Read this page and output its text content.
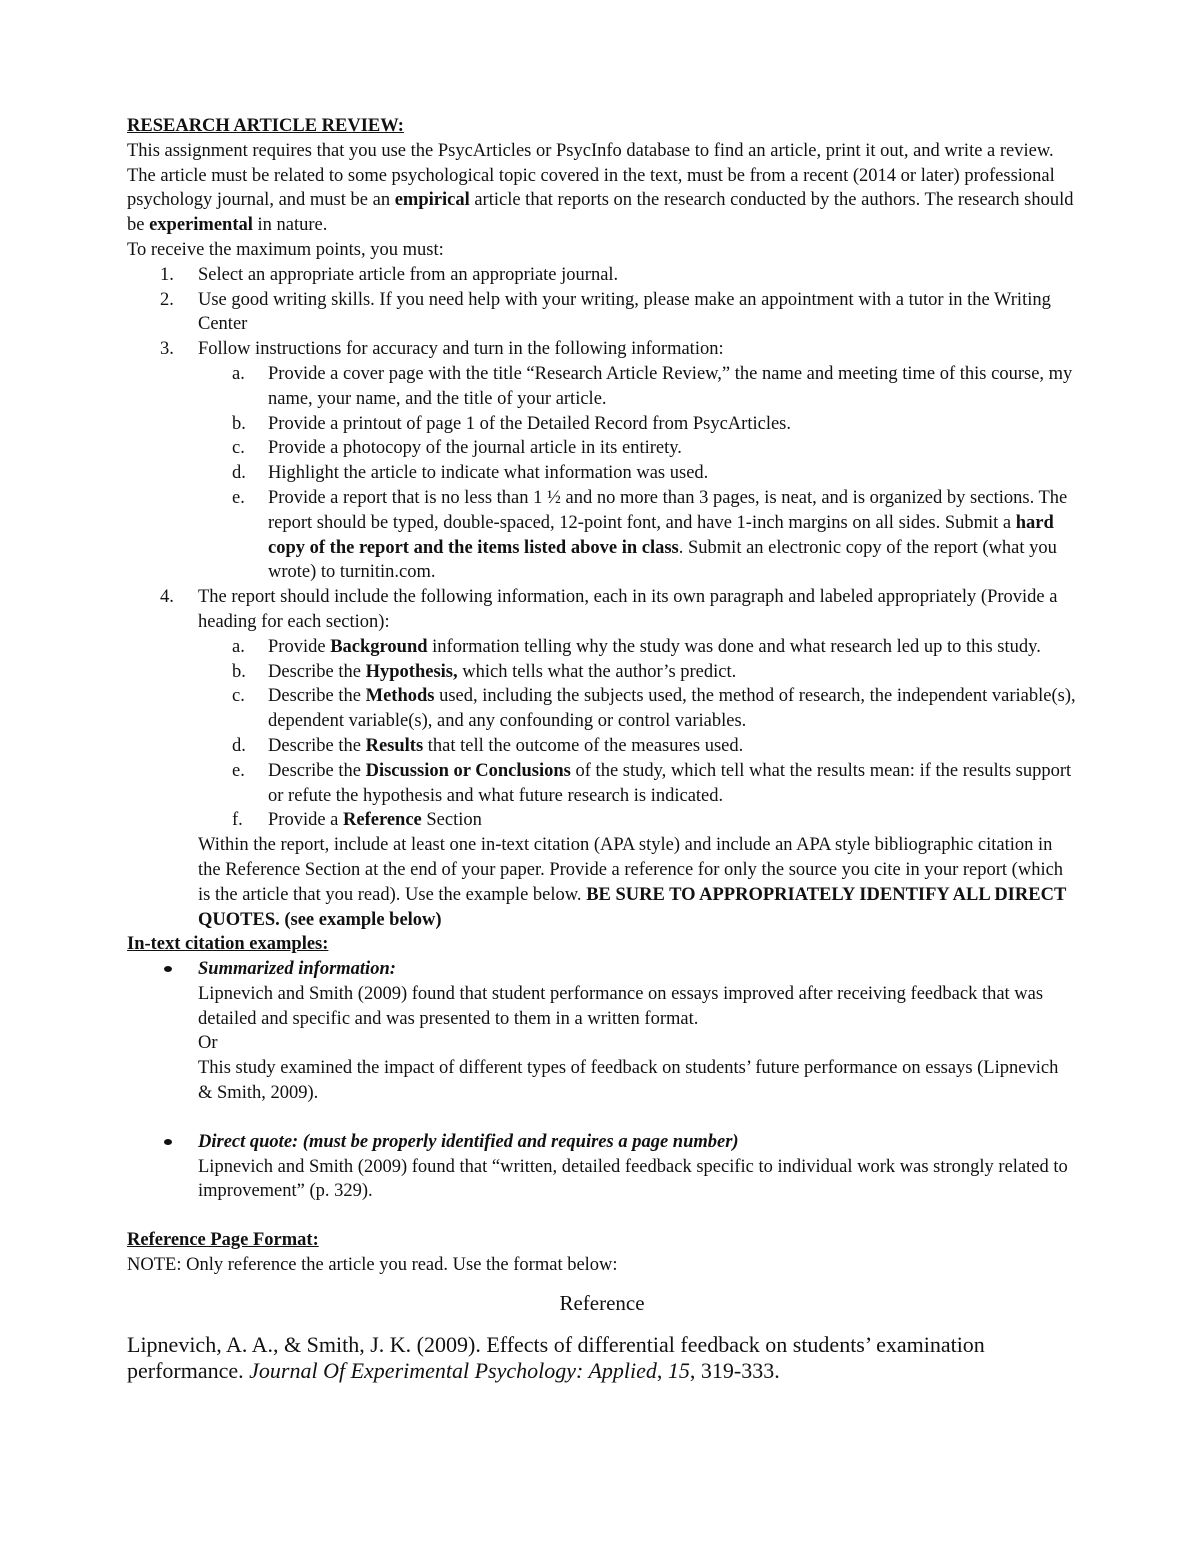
RESEARCH ARTICLE REVIEW:

This assignment requires that you use the PsycArticles or PsycInfo database to find an article, print it out, and write a review. The article must be related to some psychological topic covered in the text, must be from a recent (2014 or later) professional psychology journal, and must be an empirical article that reports on the research conducted by the authors. The research should be experimental in nature.

To receive the maximum points, you must:

1. Select an appropriate article from an appropriate journal.
2. Use good writing skills. If you need help with your writing, please make an appointment with a tutor in the Writing Center
3. Follow instructions for accuracy and turn in the following information:
a. Provide a cover page with the title “Research Article Review,” the name and meeting time of this course, my name, your name, and the title of your article.
b. Provide a printout of page 1 of the Detailed Record from PsycArticles.
c. Provide a photocopy of the journal article in its entirety.
d. Highlight the article to indicate what information was used.
e. Provide a report that is no less than 1 ½ and no more than 3 pages, is neat, and is organized by sections. The report should be typed, double-spaced, 12-point font, and have 1-inch margins on all sides. Submit a hard copy of the report and the items listed above in class. Submit an electronic copy of the report (what you wrote) to turnitin.com.
4. The report should include the following information, each in its own paragraph and labeled appropriately (Provide a heading for each section):
a. Provide Background information telling why the study was done and what research led up to this study.
b. Describe the Hypothesis, which tells what the author’s predict.
c. Describe the Methods used, including the subjects used, the method of research, the independent variable(s), dependent variable(s), and any confounding or control variables.
d. Describe the Results that tell the outcome of the measures used.
e. Describe the Discussion or Conclusions of the study, which tell what the results mean: if the results support or refute the hypothesis and what future research is indicated.
f. Provide a Reference Section

Within the report, include at least one in-text citation (APA style) and include an APA style bibliographic citation in the Reference Section at the end of your paper. Provide a reference for only the source you cite in your report (which is the article that you read). Use the example below. BE SURE TO APPROPRIATELY IDENTIFY ALL DIRECT QUOTES. (see example below)

In-text citation examples:

Summarized information:

Lipnevich and Smith (2009) found that student performance on essays improved after receiving feedback that was detailed and specific and was presented to them in a written format.

Or

This study examined the impact of different types of feedback on students’ future performance on essays (Lipnevich & Smith, 2009).

Direct quote: (must be properly identified and requires a page number)

Lipnevich and Smith (2009) found that “written, detailed feedback specific to individual work was strongly related to improvement” (p. 329).

Reference Page Format:

NOTE: Only reference the article you read. Use the format below:

Reference

Lipnevich, A. A., & Smith, J. K. (2009). Effects of differential feedback on students’ examination performance. Journal Of Experimental Psychology: Applied, 15, 319-333.
